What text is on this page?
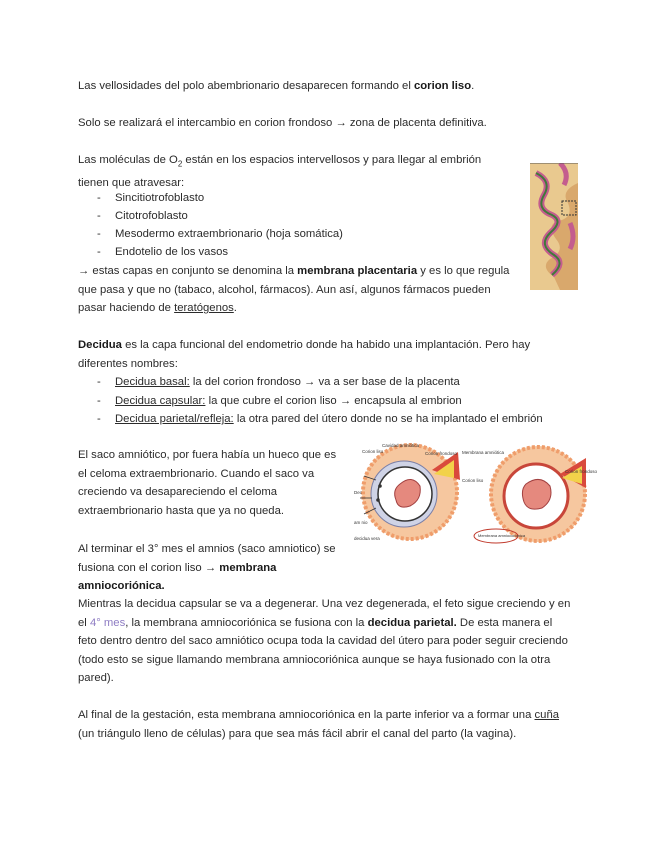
Las vellosidades del polo abembrionario desaparecen formando el corion liso.

Solo se realizará el intercambio en corion frondoso → zona de placenta definitiva.

Las moléculas de $O_2$ están en los espacios intervellosos y para llegar al embrión tienen que atravesar:

- Sincitiotrofoblasto
- Citotrofoblasto
- Mesodermo extraembrionario (hoja somática)
- Endotelio de los vasos

→ estas capas en conjunto se denomina la membrana placentaria y es lo que regula que pasa y que no (tabaco, alcohol, fármacos). Aun así, algunos fármacos pueden pasar haciendo de teratógenos.

Decidua es la capa funcional del endometrio donde ha habido una implantación. Pero hay diferentes nombres:

- Decidua basal: la del corion frondoso → va a ser base de la placenta
- Decidua capsular: la que cubre el corion liso → encapsula al embrion
- Decidua parietal/refleja: la otra pared del útero donde no se ha implantado el embrión

El saco amniótico, por fuera había un hueco que es el celoma extraembrionario. Cuando el saco va creciendo va desapareciendo el celoma extraembrionario hasta que ya no queda.

Al terminar el 3° mes el amnios (saco amniotico) se fusiona con el corion liso → membrana amniocoriónica.

Corion liso
Cavidad amniótica
Corion frondoso
Dec
am nio
decidua vera
Membrana amniótica
Corion liso
Corion frondoso
Membrana amniocorionica

Mientras la decidua capsular se va a degenerar. Una vez degenerada, el feto sigue creciendo y en el 4° mes, la membrana amniocoriónica se fusiona con la decidua parietal. De esta manera el feto dentro dentro del saco amniótico ocupa toda la cavidad del útero para poder seguir creciendo (todo esto se sigue llamando membrana amniocoriónica aunque se haya fusionado con la otra pared).

Al final de la gestación, esta membrana amniocoriónica en la parte inferior va a formar una cuña (un triángulo lleno de células) para que sea más fácil abrir el canal del parto (la vagina).
